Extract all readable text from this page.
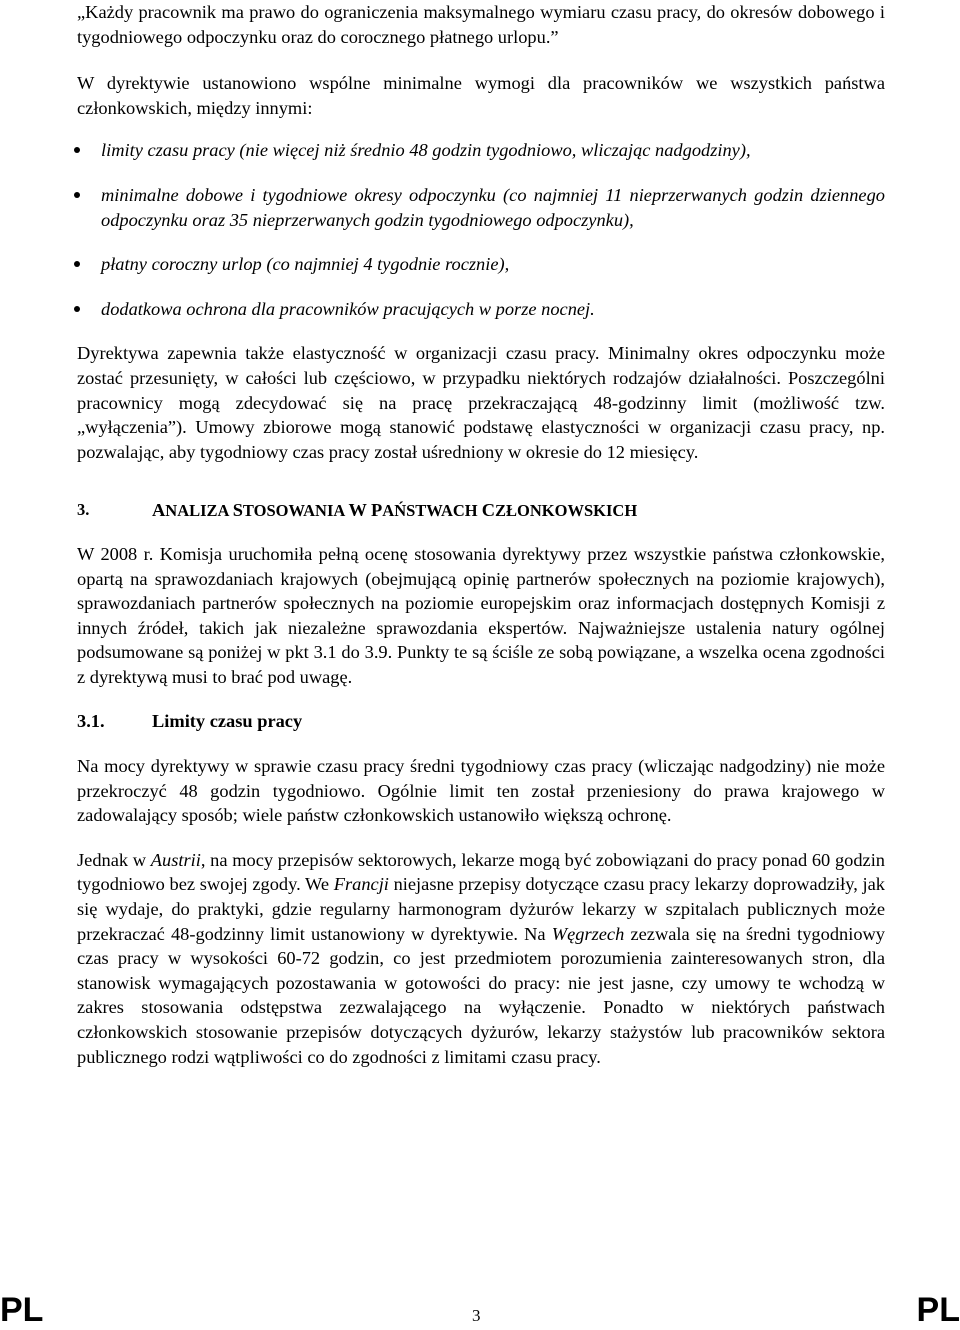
„Każdy pracownik ma prawo do ograniczenia maksymalnego wymiaru czasu pracy, do okresów dobowego i tygodniowego odpoczynku oraz do corocznego płatnego urlopu.”

W dyrektywie ustanowiono wspólne minimalne wymogi dla pracowników we wszystkich państwa członkowskich, między innymi:

limity czasu pracy (nie więcej niż średnio 48 godzin tygodniowo, wliczając nadgodziny),
minimalne dobowe i tygodniowe okresy odpoczynku (co najmniej 11 nieprzerwanych godzin dziennego odpoczynku oraz 35 nieprzerwanych godzin tygodniowego odpoczynku),
płatny coroczny urlop (co najmniej 4 tygodnie rocznie),
dodatkowa ochrona dla pracowników pracujących w porze nocnej.

Dyrektywa zapewnia także elastyczność w organizacji czasu pracy. Minimalny okres odpoczynku może zostać przesunięty, w całości lub częściowo, w przypadku niektórych rodzajów działalności. Poszczególni pracownicy mogą zdecydować się na pracę przekraczającą 48-godzinny limit (możliwość tzw. „wyłączenia”). Umowy zbiorowe mogą stanowić podstawę elastyczności w organizacji czasu pracy, np. pozwalając, aby tygodniowy czas pracy został uśredniony w okresie do 12 miesięcy.

3.	ANALIZA STOSOWANIA W PAŃSTWACH CZŁONKOWSKICH

W 2008 r. Komisja uruchomiła pełną ocenę stosowania dyrektywy przez wszystkie państwa członkowskie, opartą na sprawozdaniach krajowych (obejmującą opinię partnerów społecznych na poziomie krajowych), sprawozdaniach partnerów społecznych na poziomie europejskim oraz informacjach dostępnych Komisji z innych źródeł, takich jak niezależne sprawozdania ekspertów. Najważniejsze ustalenia natury ogólnej podsumowane są poniżej w pkt 3.1 do 3.9. Punkty te są ściśle ze sobą powiązane, a wszelka ocena zgodności z dyrektywą musi to brać pod uwagę.

3.1.	Limity czasu pracy

Na mocy dyrektywy w sprawie czasu pracy średni tygodniowy czas pracy (wliczając nadgodziny) nie może przekroczyć 48 godzin tygodniowo. Ogólnie limit ten został przeniesiony do prawa krajowego w zadowalający sposób; wiele państw członkowskich ustanowiło większą ochronę.

Jednak w Austrii, na mocy przepisów sektorowych, lekarze mogą być zobowiązani do pracy ponad 60 godzin tygodniowo bez swojej zgody. We Francji niejasne przepisy dotyczące czasu pracy lekarzy doprowadziły, jak się wydaje, do praktyki, gdzie regularny harmonogram dyżurów lekarzy w szpitalach publicznych może przekraczać 48-godzinny limit ustanowiony w dyrektywie. Na Węgrzech zezwala się na średni tygodniowy czas pracy w wysokości 60-72 godzin, co jest przedmiotem porozumienia zainteresowanych stron, dla stanowisk wymagających pozostawania w gotowości do pracy: nie jest jasne, czy umowy te wchodzą w zakres stosowania odstępstwa zezwalającego na wyłączenie. Ponadto w niektórych państwach członkowskich stosowanie przepisów dotyczących dyżurów, lekarzy stażystów lub pracowników sektora publicznego rodzi wątpliwości co do zgodności z limitami czasu pracy.

PL	3	PL
